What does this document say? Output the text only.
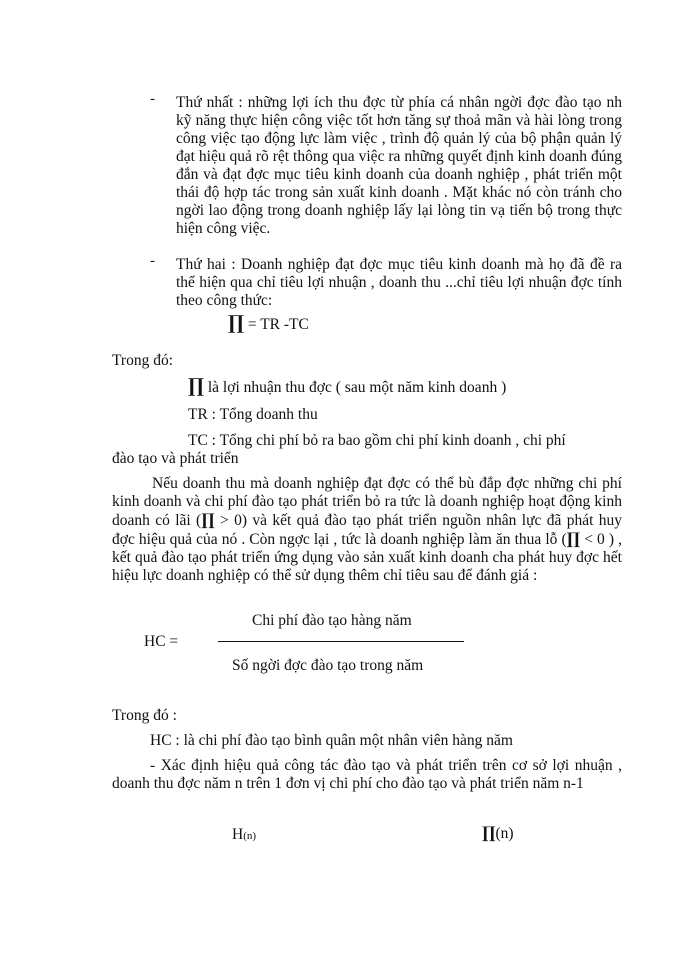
- Thứ nhất : những lợi ích thu đợc từ phía cá nhân ngời đợc đào tạo nh kỹ năng thực hiện công việc tốt hơn tăng sự thoả mãn và hài lòng trong công việc tạo động lực làm việc , trình độ quản lý của bộ phận quản lý đạt hiệu quả rõ rệt thông qua việc ra những quyết định kinh doanh đúng đắn và đạt đợc mục tiêu kinh doanh của doanh nghiệp , phát triển một thái độ hợp tác trong sản xuất kinh doanh . Mặt khác nó còn tránh cho ngời lao động trong doanh nghiệp lấy lại lòng tin vạ tiến bộ trong thực hiện công việc.
- Thứ hai : Doanh nghiệp đạt đợc mục tiêu kinh doanh mà họ đã đề ra thể hiện qua chỉ tiêu lợi nhuận , doanh thu ...chỉ tiêu lợi nhuận đợc tính theo công thức:
∏ = TR -TC
Trong đó:
∏ là lợi nhuận thu đợc ( sau một năm kinh doanh )
TR : Tổng doanh thu
TC : Tổng chi phí bỏ ra bao gồm chi phí kinh doanh , chi phí
đào tạo và phát triển
Nếu doanh thu mà doanh nghiệp đạt đợc có thể bù đắp đợc những chi phí kinh doanh và chi phí đào tạo phát triển bỏ ra tức là doanh nghiệp hoạt động kinh doanh có lãi (∏ > 0) và kết quả đào tạo phát triển nguồn nhân lực đã phát huy đợc hiệu quả của nó . Còn ngợc lại , tức là doanh nghiệp làm ăn thua lỗ (∏ < 0 ) , kết quả đào tạo phát triển ứng dụng vào sản xuất kinh doanh cha phát huy đợc hết hiệu lực doanh nghiệp có thể sử dụng thêm chỉ tiêu sau để đánh giá :
Chi phí đào tạo hàng năm
HC =
Số ngời đợc đào tạo trong năm
Trong đó :
HC : là chi phí đào tạo bình quân một nhân viên hàng năm
- Xác định hiệu quả công tác đào tạo và phát triển trên cơ sở lợi nhuận , doanh thu đợc năm n trên 1 đơn vị chi phí cho đào tạo và phát triển năm n-1
H(n)	∏(n)
